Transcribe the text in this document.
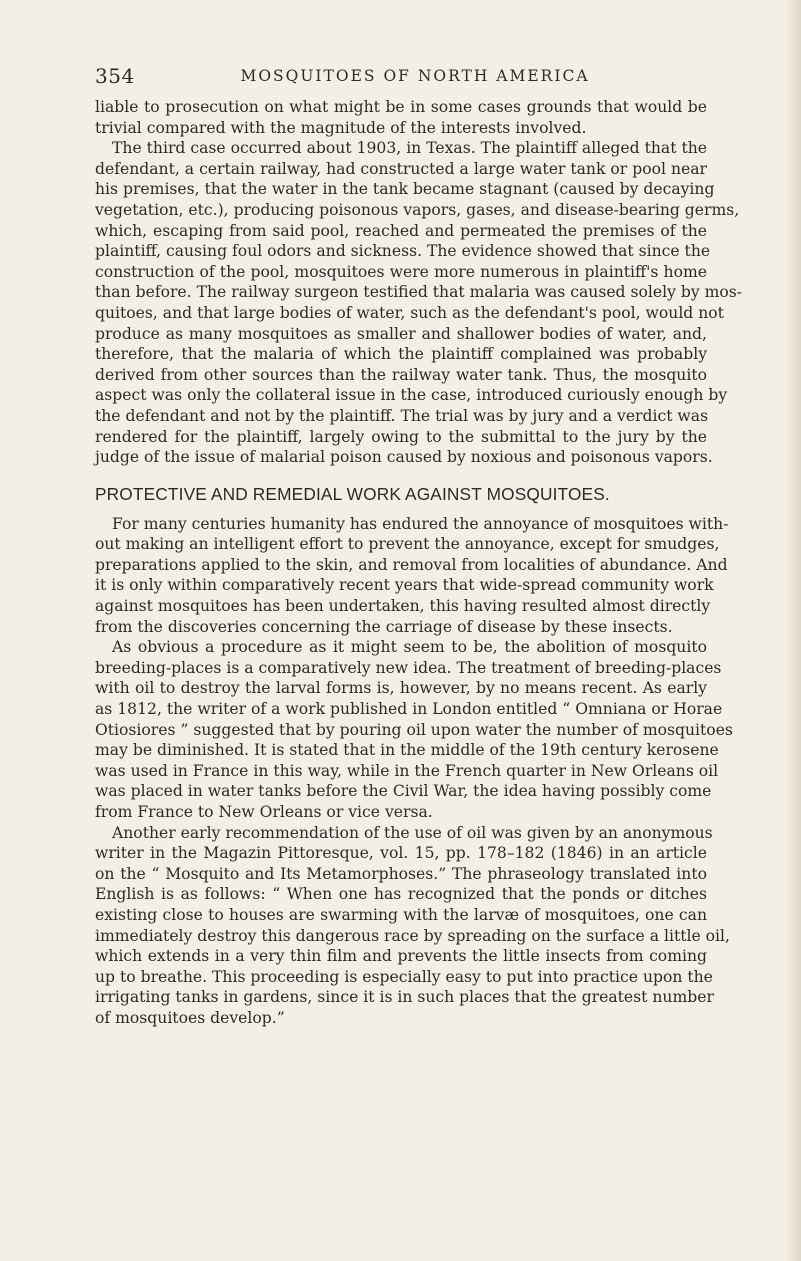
354	MOSQUITOES OF NORTH AMERICA
liable to prosecution on what might be in some cases grounds that would be
trivial compared with the magnitude of the interests involved.
The third case occurred about 1903, in Texas. The plaintiff alleged that the
defendant, a certain railway, had constructed a large water tank or pool near
his premises, that the water in the tank became stagnant (caused by decaying
vegetation, etc.), producing poisonous vapors, gases, and disease-bearing germs,
which, escaping from said pool, reached and permeated the premises of the
plaintiff, causing foul odors and sickness. The evidence showed that since the
construction of the pool, mosquitoes were more numerous in plaintiff's home
than before. The railway surgeon testified that malaria was caused solely by mos-
quitoes, and that large bodies of water, such as the defendant's pool, would not
produce as many mosquitoes as smaller and shallower bodies of water, and,
therefore, that the malaria of which the plaintiff complained was probably
derived from other sources than the railway water tank. Thus, the mosquito
aspect was only the collateral issue in the case, introduced curiously enough by
the defendant and not by the plaintiff. The trial was by jury and a verdict was
rendered for the plaintiff, largely owing to the submittal to the jury by the
judge of the issue of malarial poison caused by noxious and poisonous vapors.
PROTECTIVE AND REMEDIAL WORK AGAINST MOSQUITOES.
For many centuries humanity has endured the annoyance of mosquitoes with-
out making an intelligent effort to prevent the annoyance, except for smudges,
preparations applied to the skin, and removal from localities of abundance. And
it is only within comparatively recent years that wide-spread community work
against mosquitoes has been undertaken, this having resulted almost directly
from the discoveries concerning the carriage of disease by these insects.
As obvious a procedure as it might seem to be, the abolition of mosquito
breeding-places is a comparatively new idea. The treatment of breeding-places
with oil to destroy the larval forms is, however, by no means recent. As early
as 1812, the writer of a work published in London entitled “ Omniana or Horae
Otiosiores ” suggested that by pouring oil upon water the number of mosquitoes
may be diminished. It is stated that in the middle of the 19th century kerosene
was used in France in this way, while in the French quarter in New Orleans oil
was placed in water tanks before the Civil War, the idea having possibly come
from France to New Orleans or vice versa.
Another early recommendation of the use of oil was given by an anonymous
writer in the Magazin Pittoresque, vol. 15, pp. 178–182 (1846) in an article
on the “ Mosquito and Its Metamorphoses.” The phraseology translated into
English is as follows: “ When one has recognized that the ponds or ditches
existing close to houses are swarming with the larvæ of mosquitoes, one can
immediately destroy this dangerous race by spreading on the surface a little oil,
which extends in a very thin film and prevents the little insects from coming
up to breathe. This proceeding is especially easy to put into practice upon the
irrigating tanks in gardens, since it is in such places that the greatest number
of mosquitoes develop.”
